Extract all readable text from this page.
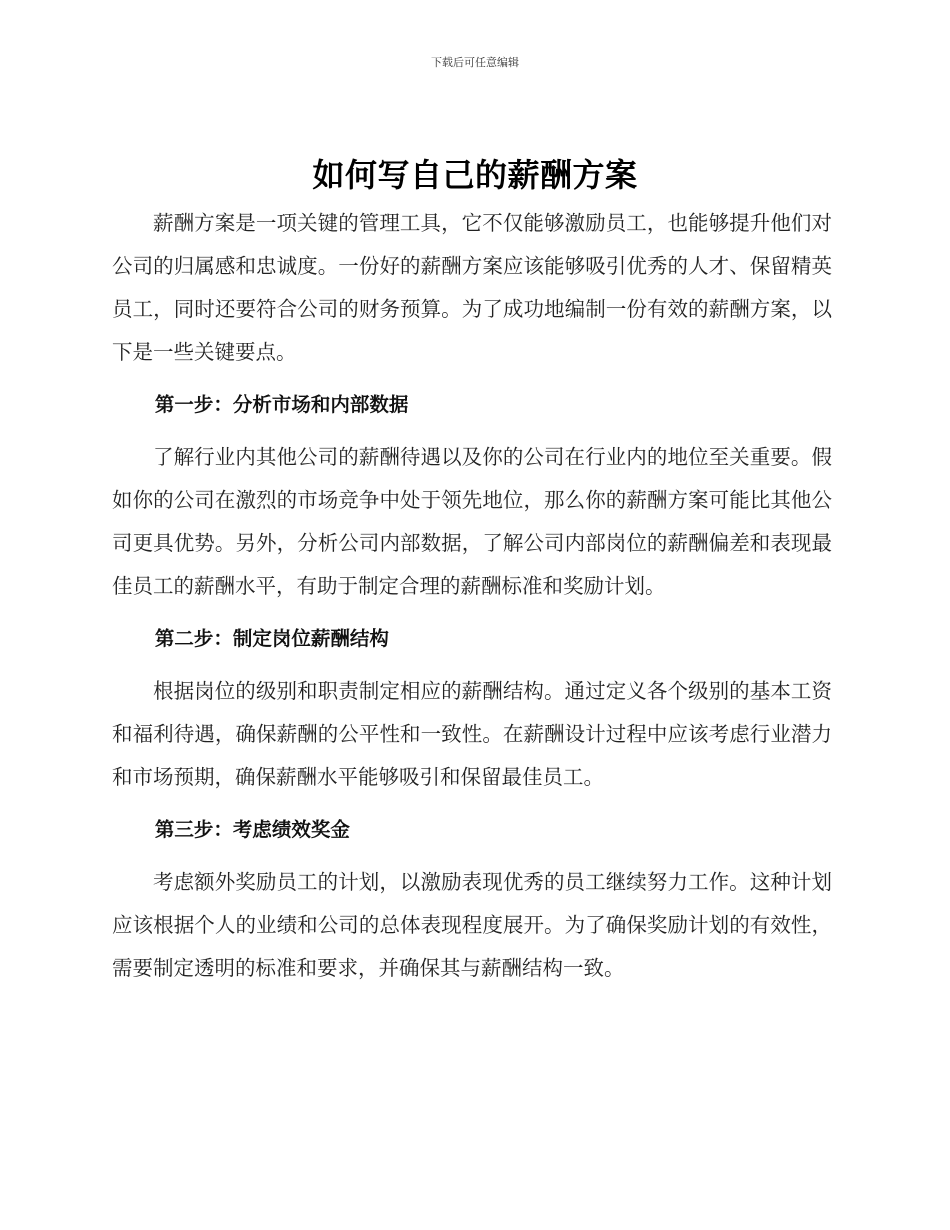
下载后可任意编辑
如何写自己的薪酬方案

薪酬方案是一项关键的管理工具，它不仅能够激励员工，也能够提升他们对公司的归属感和忠诚度。一份好的薪酬方案应该能够吸引优秀的人才、保留精英员工，同时还要符合公司的财务预算。为了成功地编制一份有效的薪酬方案，以下是一些关键要点。

第一步：分析市场和内部数据

了解行业内其他公司的薪酬待遇以及你的公司在行业内的地位至关重要。假如你的公司在激烈的市场竞争中处于领先地位，那么你的薪酬方案可能比其他公司更具优势。另外，分析公司内部数据，了解公司内部岗位的薪酬偏差和表现最佳员工的薪酬水平，有助于制定合理的薪酬标准和奖励计划。

第二步：制定岗位薪酬结构

根据岗位的级别和职责制定相应的薪酬结构。通过定义各个级别的基本工资和福利待遇，确保薪酬的公平性和一致性。在薪酬设计过程中应该考虑行业潜力和市场预期，确保薪酬水平能够吸引和保留最佳员工。

第三步：考虑绩效奖金

考虑额外奖励员工的计划，以激励表现优秀的员工继续努力工作。这种计划应该根据个人的业绩和公司的总体表现程度展开。为了确保奖励计划的有效性，需要制定透明的标准和要求，并确保其与薪酬结构一致。
